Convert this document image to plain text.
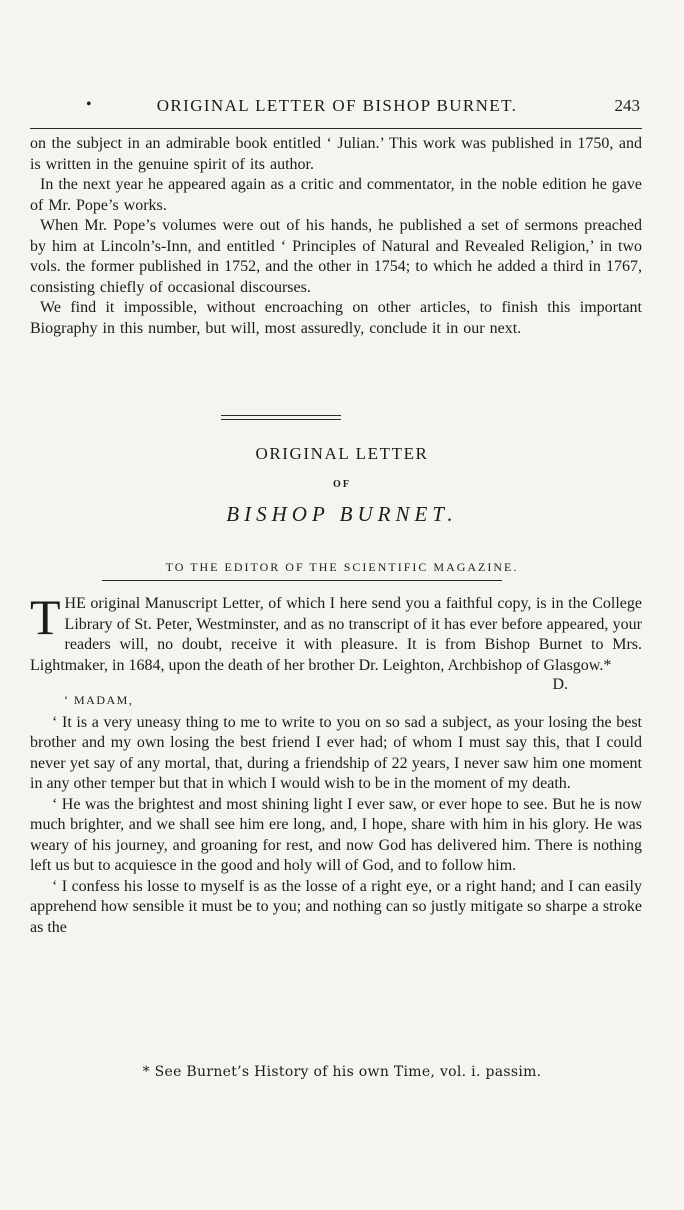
•	ORIGINAL LETTER OF BISHOP BURNET.	243

on the subject in an admirable book entitled ‘ Julian.’ This work was published in 1750, and is written in the genuine spirit of its author.

In the next year he appeared again as a critic and commentator, in the noble edition he gave of Mr. Pope’s works.

When Mr. Pope’s volumes were out of his hands, he published a set of sermons preached by him at Lincoln’s-Inn, and entitled ‘ Principles of Natural and Revealed Religion,’ in two vols. the former published in 1752, and the other in 1754; to which he added a third in 1767, consisting chiefly of occasional discourses.

We find it impossible, without encroaching on other articles, to finish this important Biography in this number, but will, most assuredly, conclude it in our next.

ORIGINAL LETTER
OF
BISHOP BURNET.
TO THE EDITOR OF THE SCIENTIFIC MAGAZINE.
T HE original Manuscript Letter, of which I here send you a faithful copy, is in the College Library of St. Peter, Westminster, and as no transcript of it has ever before appeared, your readers will, no doubt, receive it with pleasure. It is from Bishop Burnet to Mrs. Lightmaker, in 1684, upon the death of her brother Dr. Leighton, Archbishop of Glasgow.*

D.

‘ MADAM,

‘ It is a very uneasy thing to me to write to you on so sad a subject, as your losing the best brother and my own losing the best friend I ever had; of whom I must say this, that I could never yet say of any mortal, that, during a friendship of 22 years, I never saw him one moment in any other temper but that in which I would wish to be in the moment of my death.

‘ He was the brightest and most shining light I ever saw, or ever hope to see. But he is now much brighter, and we shall see him ere long, and, I hope, share with him in his glory. He was weary of his journey, and groaning for rest, and now God has delivered him. There is nothing left us but to acquiesce in the good and holy will of God, and to follow him.

‘ I confess his losse to myself is as the losse of a right eye, or a right hand; and I can easily apprehend how sensible it must be to you; and nothing can so justly mitigate so sharpe a stroke as the

* See Burnet’s History of his own Time, vol. i. passim.
